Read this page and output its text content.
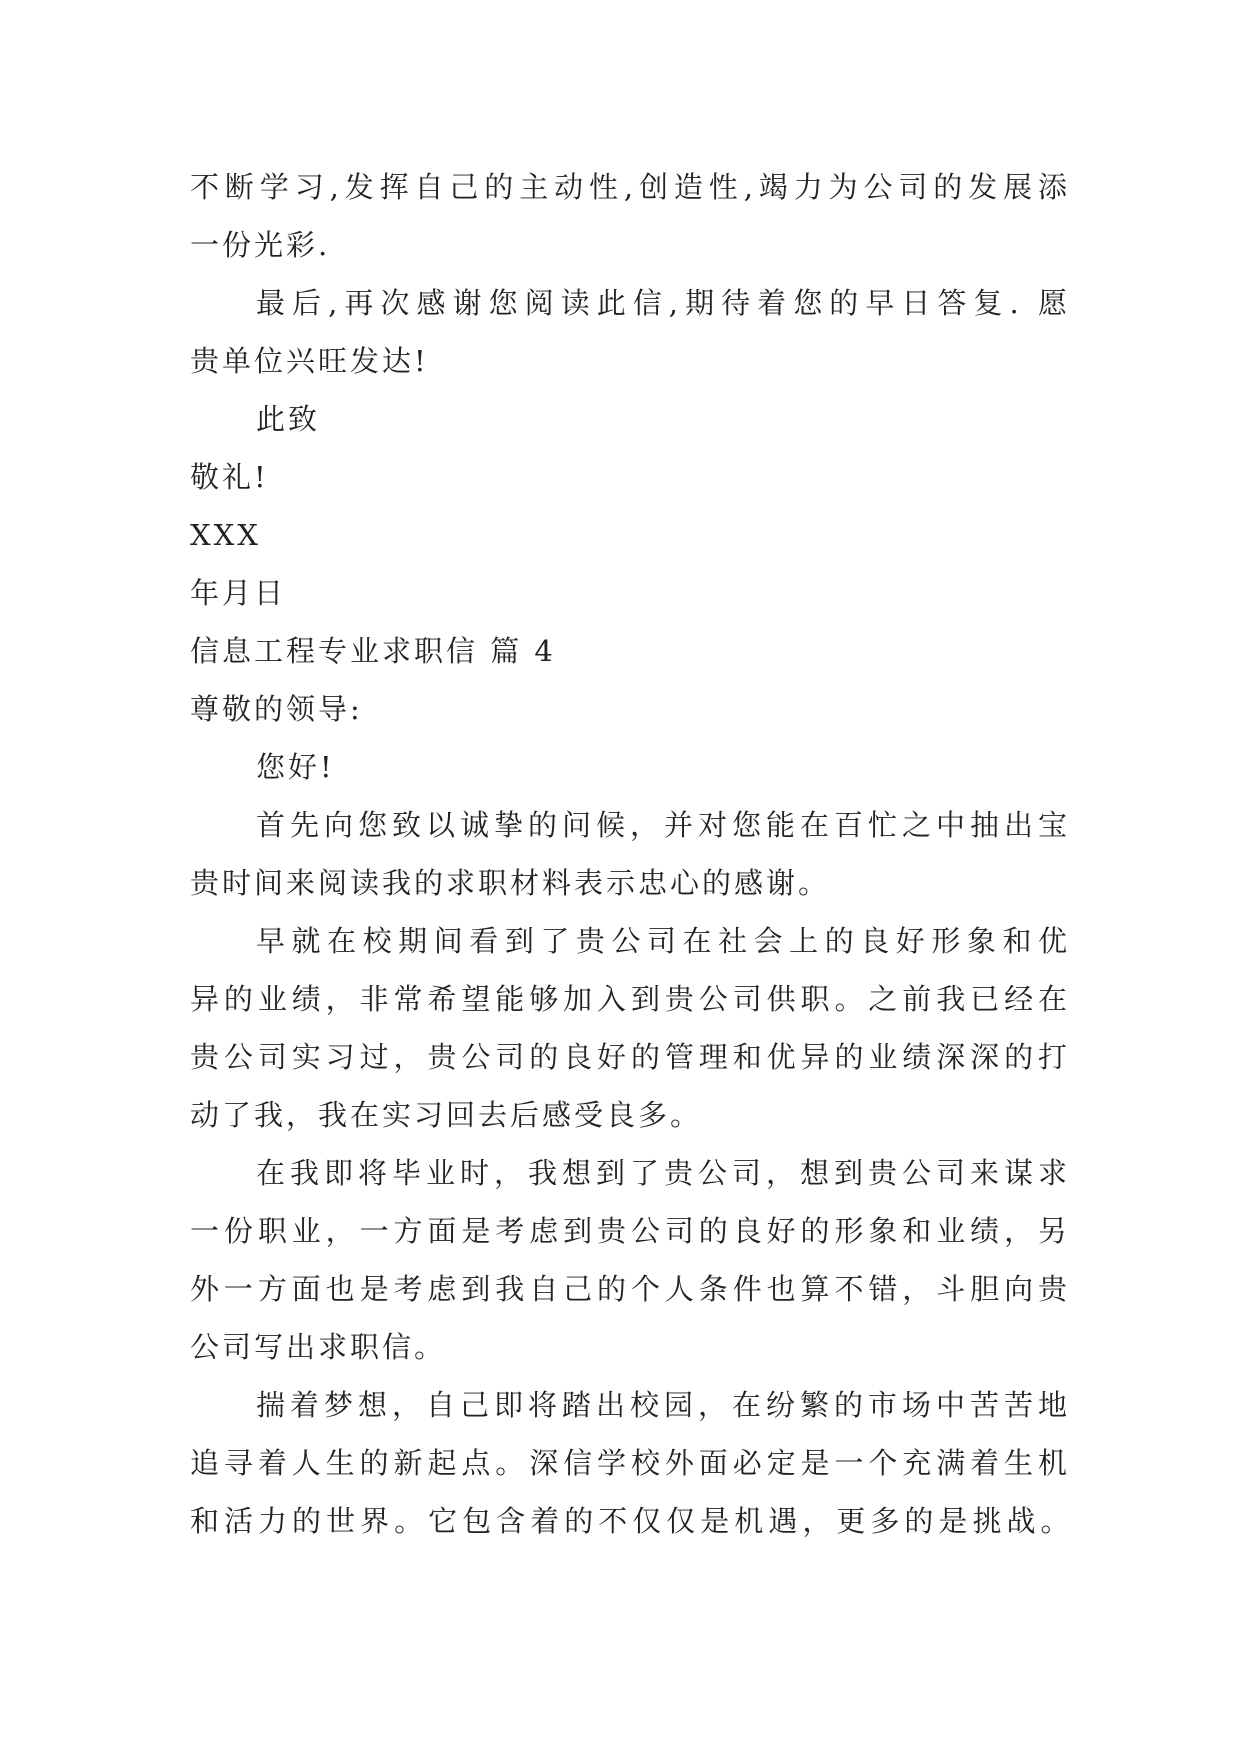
不断学习,发挥自己的主动性,创造性,竭力为公司的发展添
一份光彩.
最后,再次感谢您阅读此信,期待着您的早日答复. 愿
贵单位兴旺发达!
此致
敬礼!
XXX
年月日
信息工程专业求职信 篇 4
尊敬的领导:
您好!
首先向您致以诚挚的问候，并对您能在百忙之中抽出宝
贵时间来阅读我的求职材料表示忠心的感谢。
早就在校期间看到了贵公司在社会上的良好形象和优
异的业绩，非常希望能够加入到贵公司供职。之前我已经在
贵公司实习过，贵公司的良好的管理和优异的业绩深深的打
动了我，我在实习回去后感受良多。
在我即将毕业时，我想到了贵公司，想到贵公司来谋求
一份职业，一方面是考虑到贵公司的良好的形象和业绩，另
外一方面也是考虑到我自己的个人条件也算不错，斗胆向贵
公司写出求职信。
揣着梦想，自己即将踏出校园，在纷繁的市场中苦苦地
追寻着人生的新起点。深信学校外面必定是一个充满着生机
和活力的世界。它包含着的不仅仅是机遇，更多的是挑战。
